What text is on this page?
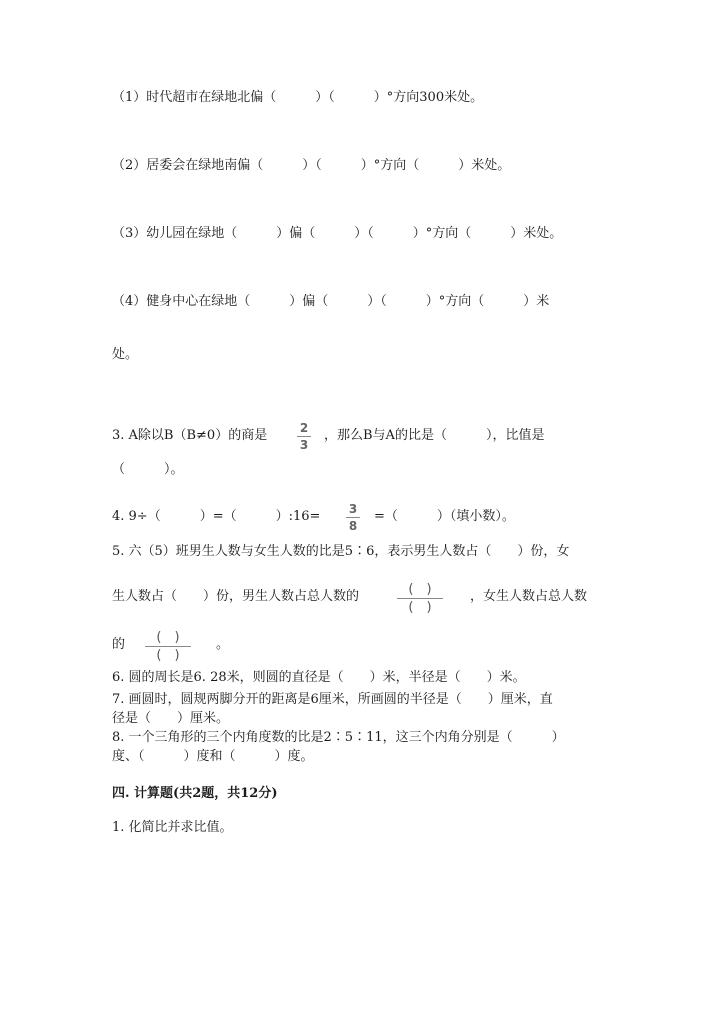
（1）时代超市在绿地北偏（　　　）（　　　）°方向300米处。
（2）居委会在绿地南偏（　　　）（　　　）°方向（　　　）米处。
（3）幼儿园在绿地（　　　）偏（　　　）（　　　）°方向（　　　）米处。
（4）健身中心在绿地（　　　）偏（　　　）（　　　）°方向（　　　）米
处。
3. A除以B（B≠0）的商是	2
3
，那么B与A的比是（　　　），比值是
（　　　）。
4. 9÷（　　　）=（　　　）:16= 3
8
=（　　　）（填小数）。
5. 六（5）班男生人数与女生人数的比是5∶6，表示男生人数占（　　）份，女
生人数占（　　）份，男生人数占总人数的	(　)
(　)
，女生人数占总人数
的	(　)
(　)
。
6. 圆的周长是6. 28米，则圆的直径是（　　）米，半径是（　　）米。
7. 画圆时，圆规两脚分开的距离是6厘米，所画圆的半径是（　　）厘米，直
径是（　　）厘米。
8. 一个三角形的三个内角度数的比是2∶5∶11，这三个内角分别是（　　　）
度、（　　　）度和（　　　）度。
四. 计算题(共2题，共12分)
1. 化简比并求比值。
